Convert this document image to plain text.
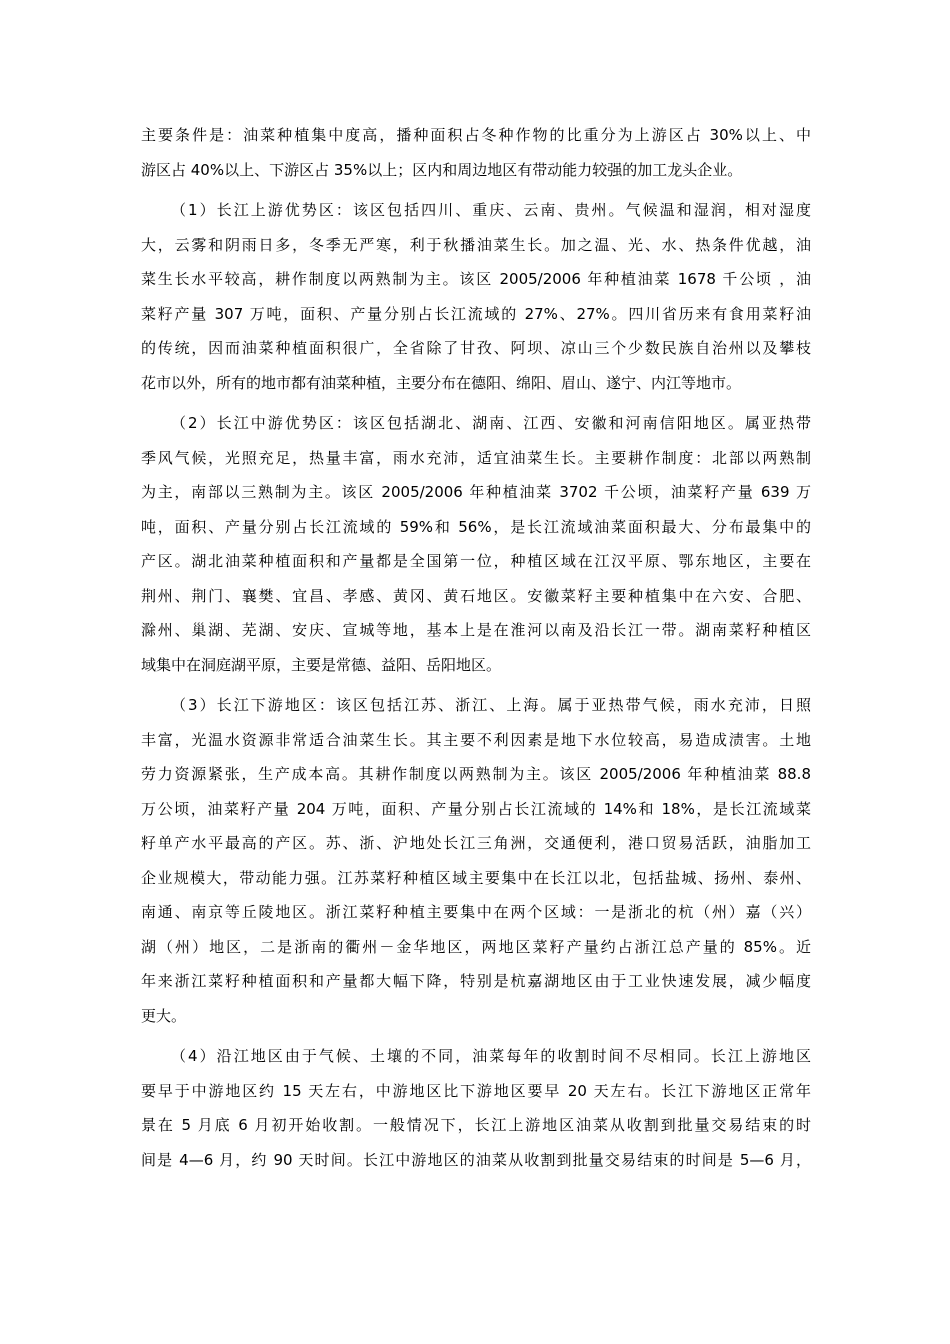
主要条件是：油菜种植集中度高，播种面积占冬种作物的比重分为上游区占 30%以上、中
游区占 40%以上、下游区占 35%以上；区内和周边地区有带动能力较强的加工龙头企业。
（1）长江上游优势区：该区包括四川、重庆、云南、贵州。气候温和湿润，相对湿度
大，云雾和阴雨日多，冬季无严寒，利于秋播油菜生长。加之温、光、水、热条件优越，油
菜生长水平较高，耕作制度以两熟制为主。该区 2005/2006 年种植油菜 1678 千公顷 ，油
菜籽产量 307 万吨，面积、产量分别占长江流域的 27%、27%。四川省历来有食用菜籽油
的传统，因而油菜种植面积很广，全省除了甘孜、阿坝、凉山三个少数民族自治州以及攀枝
花市以外，所有的地市都有油菜种植，主要分布在德阳、绵阳、眉山、遂宁、内江等地市。
（2）长江中游优势区：该区包括湖北、湖南、江西、安徽和河南信阳地区。属亚热带
季风气候，光照充足，热量丰富，雨水充沛，适宜油菜生长。主要耕作制度：北部以两熟制
为主，南部以三熟制为主。该区 2005/2006 年种植油菜 3702 千公顷，油菜籽产量 639 万
吨，面积、产量分别占长江流域的 59%和 56%，是长江流域油菜面积最大、分布最集中的
产区。湖北油菜种植面积和产量都是全国第一位，种植区域在江汉平原、鄂东地区，主要在
荆州、荆门、襄樊、宜昌、孝感、黄冈、黄石地区。安徽菜籽主要种植集中在六安、合肥、
滁州、巢湖、芜湖、安庆、宣城等地，基本上是在淮河以南及沿长江一带。湖南菜籽种植区
域集中在洞庭湖平原，主要是常德、益阳、岳阳地区。
（3）长江下游地区：该区包括江苏、浙江、上海。属于亚热带气候，雨水充沛，日照
丰富，光温水资源非常适合油菜生长。其主要不利因素是地下水位较高，易造成渍害。土地
劳力资源紧张，生产成本高。其耕作制度以两熟制为主。该区 2005/2006 年种植油菜 88.8
万公顷，油菜籽产量 204 万吨，面积、产量分别占长江流域的 14%和 18%，是长江流域菜
籽单产水平最高的产区。苏、浙、沪地处长江三角洲，交通便利，港口贸易活跃，油脂加工
企业规模大，带动能力强。江苏菜籽种植区域主要集中在长江以北，包括盐城、扬州、泰州、
南通、南京等丘陵地区。浙江菜籽种植主要集中在两个区域：一是浙北的杭（州）嘉（兴）
湖（州）地区，二是浙南的衢州－金华地区，两地区菜籽产量约占浙江总产量的 85%。近
年来浙江菜籽种植面积和产量都大幅下降，特别是杭嘉湖地区由于工业快速发展，减少幅度
更大。
（4）沿江地区由于气候、土壤的不同，油菜每年的收割时间不尽相同。长江上游地区
要早于中游地区约 15 天左右，中游地区比下游地区要早 20 天左右。长江下游地区正常年
景在 5 月底 6 月初开始收割。一般情况下，长江上游地区油菜从收割到批量交易结束的时
间是 4—6 月，约 90 天时间。长江中游地区的油菜从收割到批量交易结束的时间是 5—6 月，
